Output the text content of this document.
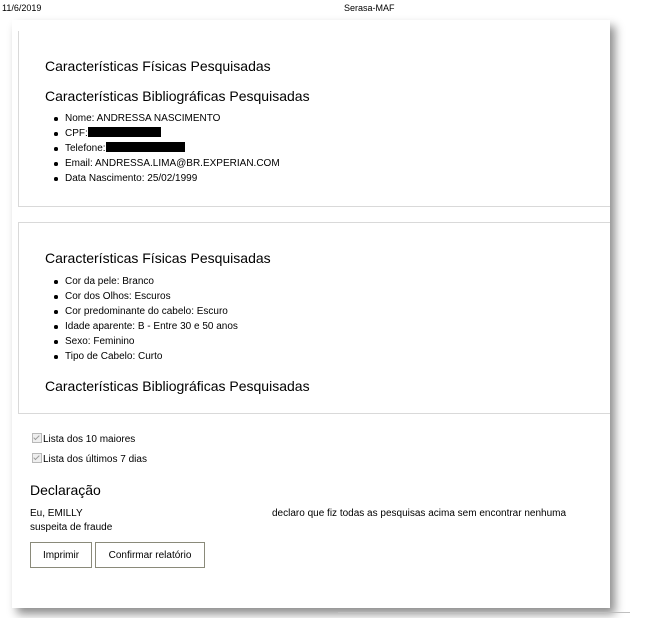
11/6/2019	Serasa-MAF
Características Físicas Pesquisadas
Características Bibliográficas Pesquisadas
Nome: ANDRESSA NASCIMENTO
CPF:
Telefone:
Email: ANDRESSA.LIMA@BR.EXPERIAN.COM
Data Nascimento: 25/02/1999
Características Físicas Pesquisadas
Cor da pele: Branco
Cor dos Olhos: Escuros
Cor predominante do cabelo: Escuro
Idade aparente: B - Entre 30 e 50 anos
Sexo: Feminino
Tipo de Cabelo: Curto
Características Bibliográficas Pesquisadas
Lista dos 10 maiores
Lista dos últimos 7 dias
Declaração
Eu, EMILLY	declaro que fiz todas as pesquisas acima sem encontrar nenhuma
suspeita de fraude
Imprimir	Confirmar relatório
